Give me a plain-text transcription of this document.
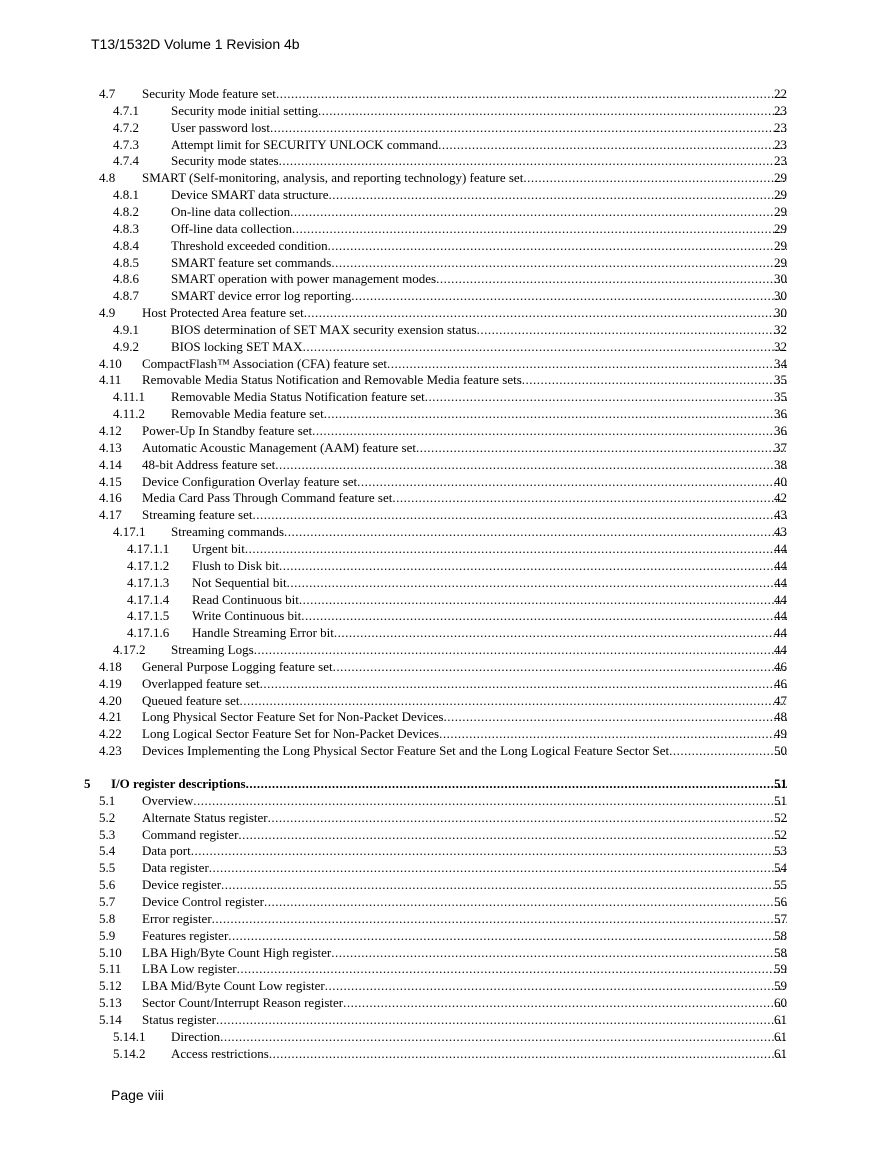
T13/1532D Volume 1 Revision 4b
4.7 Security Mode feature set .....	22
4.7.1 Security mode initial setting .....	23
4.7.2 User password lost .....	23
4.7.3 Attempt limit for SECURITY UNLOCK command .....	23
4.7.4 Security mode states .....	23
4.8 SMART (Self-monitoring, analysis, and reporting technology) feature set .....	29
4.8.1 Device SMART data structure .....	29
4.8.2 On-line data collection .....	29
4.8.3 Off-line data collection .....	29
4.8.4 Threshold exceeded condition .....	29
4.8.5 SMART feature set commands .....	29
4.8.6 SMART operation with power management modes .....	30
4.8.7 SMART device error log reporting .....	30
4.9 Host Protected Area feature set .....	30
4.9.1 BIOS determination of SET MAX security exension status .....	32
4.9.2 BIOS locking SET MAX .....	32
4.10 CompactFlash™ Association (CFA) feature set .....	34
4.11 Removable Media Status Notification and Removable Media feature sets .....	35
4.11.1 Removable Media Status Notification feature set .....	35
4.11.2 Removable Media feature set .....	36
4.12 Power-Up In Standby feature set .....	36
4.13 Automatic Acoustic Management (AAM) feature set .....	37
4.14 48-bit Address feature set .....	38
4.15 Device Configuration Overlay feature set .....	40
4.16 Media Card Pass Through Command feature set .....	42
4.17 Streaming feature set .....	43
4.17.1 Streaming commands .....	43
4.17.1.1 Urgent bit .....	44
4.17.1.2 Flush to Disk bit .....	44
4.17.1.3 Not Sequential bit .....	44
4.17.1.4 Read Continuous bit .....	44
4.17.1.5 Write Continuous bit .....	44
4.17.1.6 Handle Streaming Error bit .....	44
4.17.2 Streaming Logs .....	44
4.18 General Purpose Logging feature set .....	46
4.19 Overlapped feature set .....	46
4.20 Queued feature set .....	47
4.21 Long Physical Sector Feature Set for Non-Packet Devices .....	48
4.22 Long Logical Sector Feature Set for Non-Packet Devices .....	49
4.23 Devices Implementing the Long Physical Sector Feature Set and the Long Logical Feature Sector Set .....	50
5 I/O register descriptions .....	51
5.1 Overview .....	51
5.2 Alternate Status register .....	52
5.3 Command register .....	52
5.4 Data port .....	53
5.5 Data register .....	54
5.6 Device register .....	55
5.7 Device Control register .....	56
5.8 Error register .....	57
5.9 Features register .....	58
5.10 LBA High/Byte Count High register .....	58
5.11 LBA Low register .....	59
5.12 LBA Mid/Byte Count Low register .....	59
5.13 Sector Count/Interrupt Reason register .....	60
5.14 Status register .....	61
5.14.1 Direction .....	61
5.14.2 Access restrictions .....	61
Page viii
